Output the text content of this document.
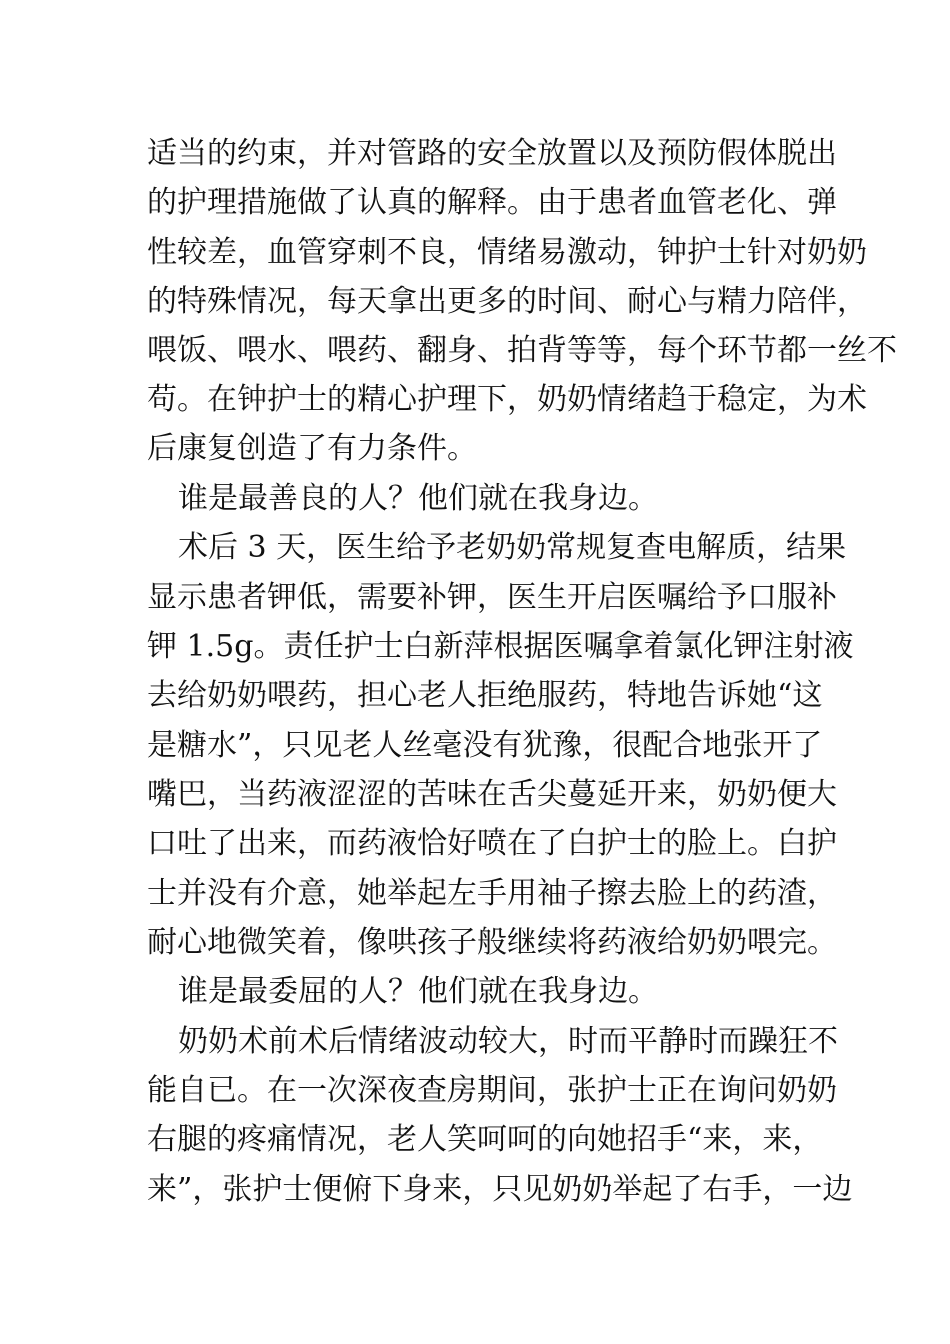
适当的约束，并对管路的安全放置以及预防假体脱出
的护理措施做了认真的解释。由于患者血管老化、弹
性较差，血管穿刺不良，情绪易激动，钟护士针对奶奶
的特殊情况，每天拿出更多的时间、耐心与精力陪伴，
喂饭、喂水、喂药、翻身、拍背等等，每个环节都一丝不
苟。在钟护士的精心护理下，奶奶情绪趋于稳定，为术
后康复创造了有力条件。
谁是最善良的人？他们就在我身边。
术后 3 天，医生给予老奶奶常规复查电解质，结果
显示患者钾低，需要补钾，医生开启医嘱给予口服补
钾 1.5g。责任护士白新萍根据医嘱拿着氯化钾注射液
去给奶奶喂药，担心老人拒绝服药，特地告诉她“这
是糖水”，只见老人丝毫没有犹豫，很配合地张开了
嘴巴，当药液涩涩的苦味在舌尖蔓延开来，奶奶便大
口吐了出来，而药液恰好喷在了白护士的脸上。白护
士并没有介意，她举起左手用袖子擦去脸上的药渣，
耐心地微笑着，像哄孩子般继续将药液给奶奶喂完。
谁是最委屈的人？他们就在我身边。
奶奶术前术后情绪波动较大，时而平静时而躁狂不
能自已。在一次深夜查房期间，张护士正在询问奶奶
右腿的疼痛情况，老人笑呵呵的向她招手“来，来，
来”，张护士便俯下身来，只见奶奶举起了右手，一边
